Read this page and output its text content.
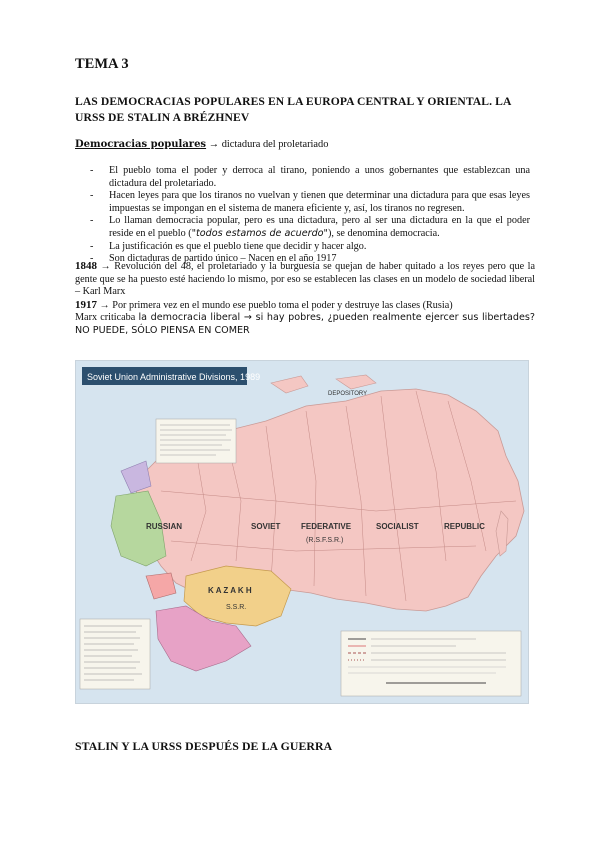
TEMA 3
LAS DEMOCRACIAS POPULARES EN LA EUROPA CENTRAL Y ORIENTAL. LA URSS DE STALIN A BRÉZHNEV
Democracias populares → dictadura del proletariado
- El pueblo toma el poder y derroca al tirano, poniendo a unos gobernantes que establezcan una dictadura del proletariado.
- Hacen leyes para que los tiranos no vuelvan y tienen que determinar una dictadura para que esas leyes impuestas se impongan en el sistema de manera eficiente y, así, los tiranos no regresen.
- Lo llaman democracia popular, pero es una dictadura, pero al ser una dictadura en la que el poder reside en el pueblo ("todos estamos de acuerdo"), se denomina democracia.
- La justificación es que el pueblo tiene que decidir y hacer algo.
- Son dictaduras de partido único – Nacen en el año 1917

1848 → Revolución del 48, el proletariado y la burguesía se quejan de haber quitado a los reyes pero que la gente que se ha puesto esté haciendo lo mismo, por eso se establecen las clases en un modelo de sociedad liberal – Karl Marx

1917 → Por primera vez en el mundo ese pueblo toma el poder y destruye las clases (Rusia)

Marx criticaba la democracia liberal → si hay pobres, ¿pueden realmente ejercer sus libertades? NO PUEDE, SÓLO PIENSA EN COMER

Soviet Union Administrative Divisions, 1989
DEPOSITORY
RUSSIAN	SOVIET	FEDERATIVE	SOCIALIST	REPUBLIC
(R.S.F.S.R.)
K A Z A K H
S.S.R.
STALIN Y LA URSS DESPUÉS DE LA GUERRA
